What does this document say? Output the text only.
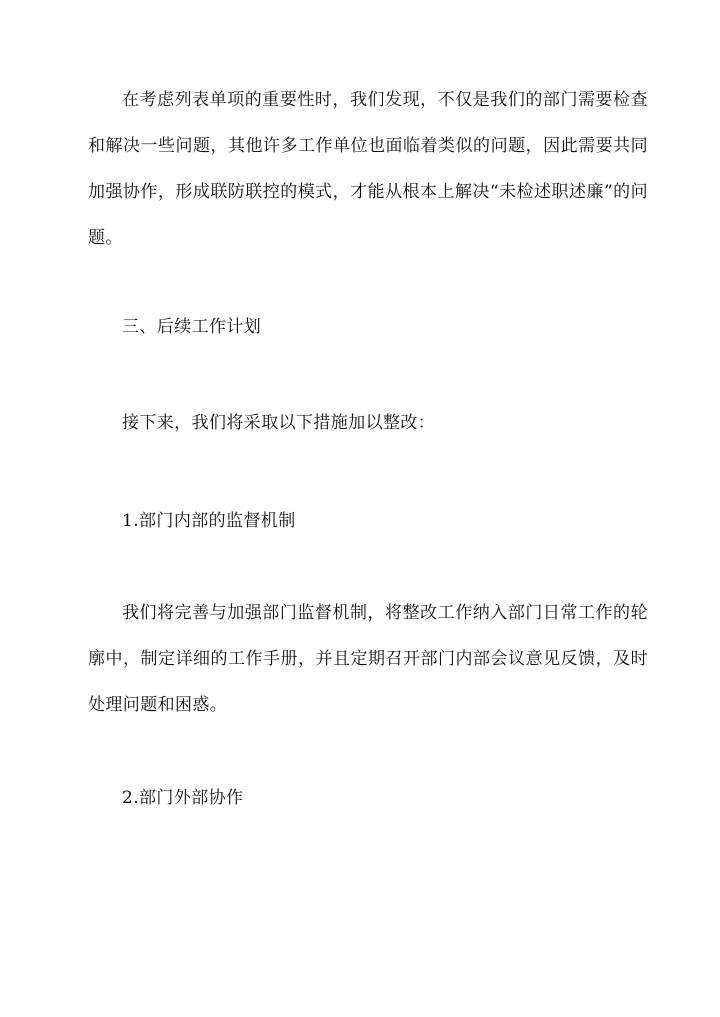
在考虑列表单项的重要性时，我们发现，不仅是我们的部门需要检查和解决一些问题，其他许多工作单位也面临着类似的问题，因此需要共同加强协作，形成联防联控的模式，才能从根本上解决“未检述职述廉”的问题。

三、后续工作计划

接下来，我们将采取以下措施加以整改：

1.部门内部的监督机制

我们将完善与加强部门监督机制，将整改工作纳入部门日常工作的轮廓中，制定详细的工作手册，并且定期召开部门内部会议意见反馈，及时处理问题和困惑。

2.部门外部协作
